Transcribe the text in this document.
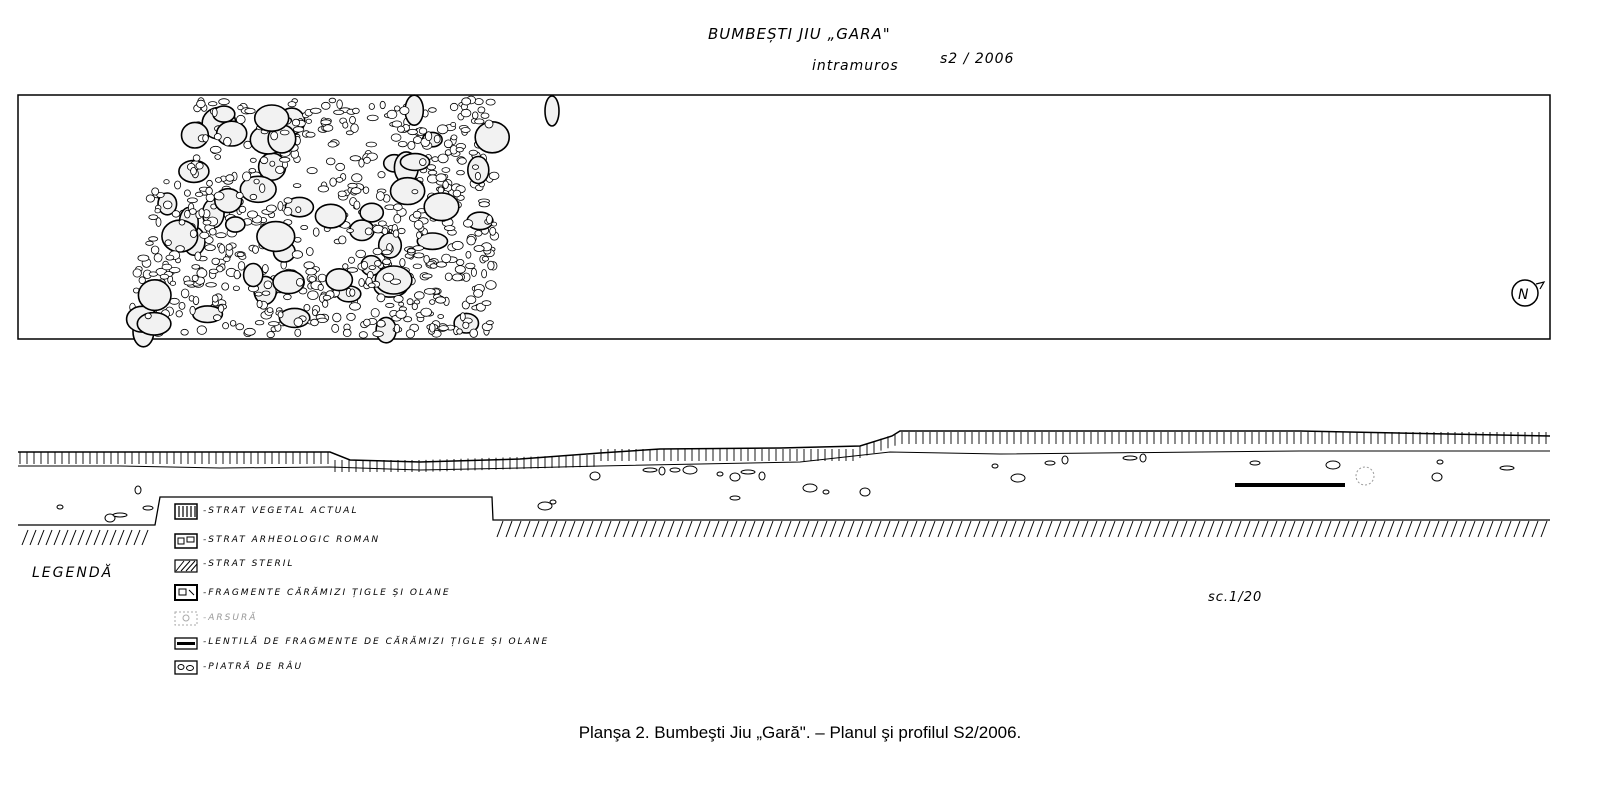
BUMBEȘTI JIU „GARA"
intramuros	s2 / 2006
N
-STRAT VEGETAL ACTUAL
-STRAT ARHEOLOGIC ROMAN
-STRAT STERIL
-FRAGMENTE CĂRĂMIZI ȚIGLE ȘI OLANE
-ARSURĂ
-LENTILĂ DE FRAGMENTE DE CĂRĂMIZI ȚIGLE ȘI OLANE
-PIATRĂ DE RÂU
LEGENDĂ
sc.1/20
Planşa 2. Bumbeşti Jiu „Gară". – Planul şi profilul S2/2006.
